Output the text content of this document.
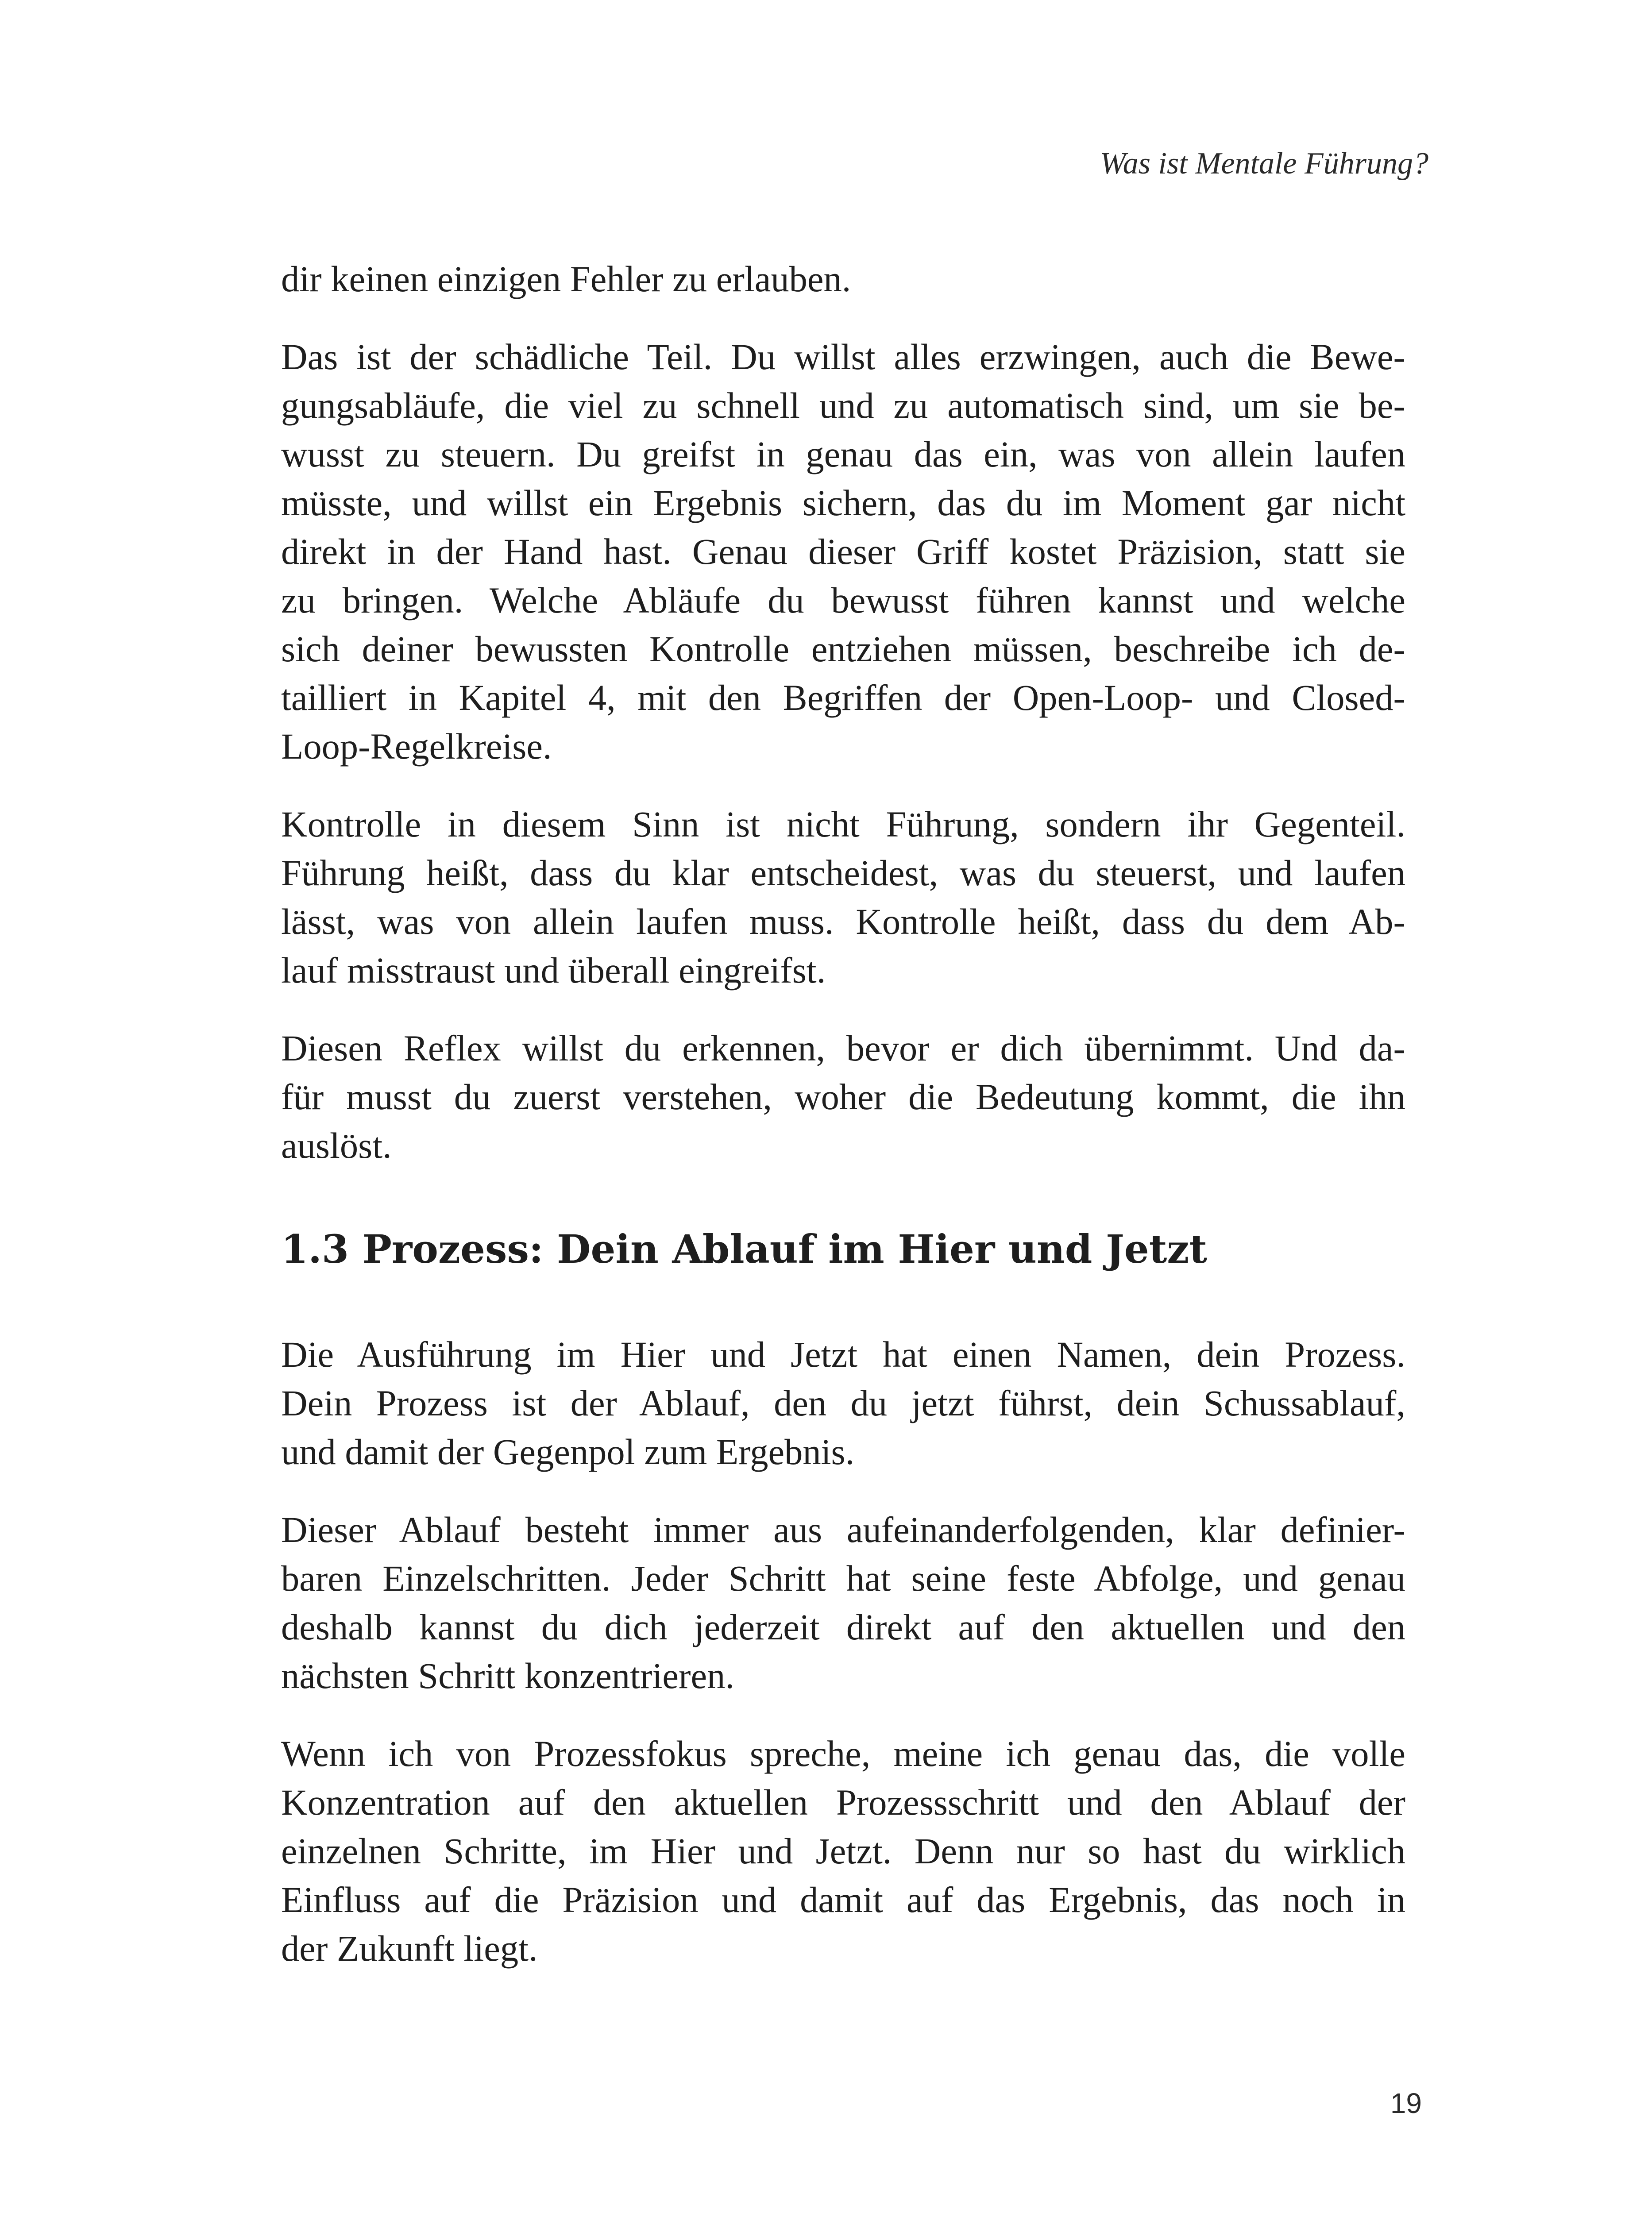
Was ist Mentale Führung?
dir keinen einzigen Fehler zu erlauben.
Das ist der schädliche Teil. Du willst alles erzwingen, auch die Bewe-
gungsabläufe, die viel zu schnell und zu automatisch sind, um sie be-
wusst zu steuern. Du greifst in genau das ein, was von allein laufen
müsste, und willst ein Ergebnis sichern, das du im Moment gar nicht
direkt in der Hand hast. Genau dieser Griff kostet Präzision, statt sie
zu bringen. Welche Abläufe du bewusst führen kannst und welche
sich deiner bewussten Kontrolle entziehen müssen, beschreibe ich de-
tailliert in Kapitel 4, mit den Begriffen der Open-Loop- und Closed-
Loop-Regelkreise.
Kontrolle in diesem Sinn ist nicht Führung, sondern ihr Gegenteil.
Führung heißt, dass du klar entscheidest, was du steuerst, und laufen
lässt, was von allein laufen muss. Kontrolle heißt, dass du dem Ab-
lauf misstraust und überall eingreifst.
Diesen Reflex willst du erkennen, bevor er dich übernimmt. Und da-
für musst du zuerst verstehen, woher die Bedeutung kommt, die ihn
auslöst.
1.3 Prozess: Dein Ablauf im Hier und Jetzt
Die Ausführung im Hier und Jetzt hat einen Namen, dein Prozess.
Dein Prozess ist der Ablauf, den du jetzt führst, dein Schussablauf,
und damit der Gegenpol zum Ergebnis.
Dieser Ablauf besteht immer aus aufeinanderfolgenden, klar definier-
baren Einzelschritten. Jeder Schritt hat seine feste Abfolge, und genau
deshalb kannst du dich jederzeit direkt auf den aktuellen und den
nächsten Schritt konzentrieren.
Wenn ich von Prozessfokus spreche, meine ich genau das, die volle
Konzentration auf den aktuellen Prozessschritt und den Ablauf der
einzelnen Schritte, im Hier und Jetzt. Denn nur so hast du wirklich
Einfluss auf die Präzision und damit auf das Ergebnis, das noch in
der Zukunft liegt.
19
